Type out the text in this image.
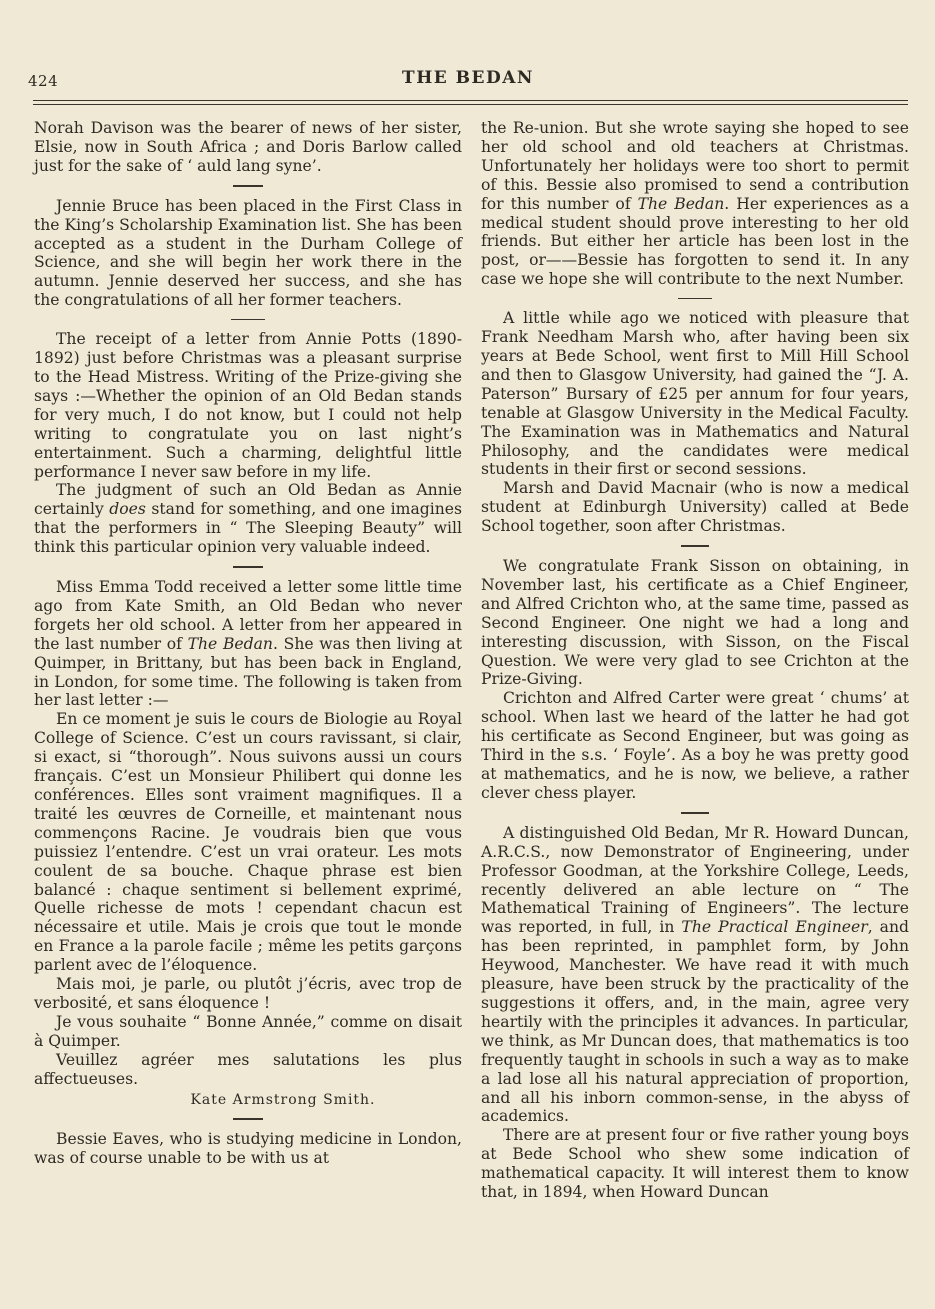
424	THE BEDAN

Norah Davison was the bearer of news of her sister, Elsie, now in South Africa ; and Doris Barlow called just for the sake of ‘ auld lang syne’.

Jennie Bruce has been placed in the First Class in the King’s Scholarship Examination list. She has been accepted as a student in the Durham College of Science, and she will begin her work there in the autumn. Jennie deserved her success, and she has the congratulations of all her former teachers.

The receipt of a letter from Annie Potts (1890-1892) just before Christmas was a pleasant surprise to the Head Mistress. Writing of the Prize-giving she says :—Whether the opinion of an Old Bedan stands for very much, I do not know, but I could not help writing to congratulate you on last night’s entertainment. Such a charming, delightful little performance I never saw before in my life.

The judgment of such an Old Bedan as Annie certainly does stand for something, and one imagines that the performers in “ The Sleeping Beauty” will think this particular opinion very valuable indeed.

Miss Emma Todd received a letter some little time ago from Kate Smith, an Old Bedan who never forgets her old school. A letter from her appeared in the last number of The Bedan. She was then living at Quimper, in Brittany, but has been back in England, in London, for some time. The following is taken from her last letter :—

En ce moment je suis le cours de Biologie au Royal College of Science. C’est un cours ravissant, si clair, si exact, si “thorough”. Nous suivons aussi un cours français. C’est un Monsieur Philibert qui donne les conférences. Elles sont vraiment magnifiques. Il a traité les œuvres de Corneille, et maintenant nous commençons Racine. Je voudrais bien que vous puissiez l’entendre. C’est un vrai orateur. Les mots coulent de sa bouche. Chaque phrase est bien balancé : chaque sentiment si bellement exprimé, Quelle richesse de mots ! cependant chacun est nécessaire et utile. Mais je crois que tout le monde en France a la parole facile ; même les petits garçons parlent avec de l’éloquence.

Mais moi, je parle, ou plutôt j’écris, avec trop de verbosité, et sans éloquence !

Je vous souhaite “ Bonne Année,” comme on disait à Quimper.

Veuillez agréer mes salutations les plus affectueuses.

Kate Armstrong Smith.

Bessie Eaves, who is studying medicine in London, was of course unable to be with us at

the Re-union. But she wrote saying she hoped to see her old school and old teachers at Christmas. Unfortunately her holidays were too short to permit of this. Bessie also promised to send a contribution for this number of The Bedan. Her experiences as a medical student should prove interesting to her old friends. But either her article has been lost in the post, or——Bessie has forgotten to send it. In any case we hope she will contribute to the next Number.

A little while ago we noticed with pleasure that Frank Needham Marsh who, after having been six years at Bede School, went first to Mill Hill School and then to Glasgow University, had gained the “J. A. Paterson” Bursary of £25 per annum for four years, tenable at Glasgow University in the Medical Faculty. The Examination was in Mathematics and Natural Philosophy, and the candidates were medical students in their first or second sessions.

Marsh and David Macnair (who is now a medical student at Edinburgh University) called at Bede School together, soon after Christmas.

We congratulate Frank Sisson on obtaining, in November last, his certificate as a Chief Engineer, and Alfred Crichton who, at the same time, passed as Second Engineer. One night we had a long and interesting discussion, with Sisson, on the Fiscal Question. We were very glad to see Crichton at the Prize-Giving.

Crichton and Alfred Carter were great ‘ chums’ at school. When last we heard of the latter he had got his certificate as Second Engineer, but was going as Third in the s.s. ‘ Foyle’. As a boy he was pretty good at mathematics, and he is now, we believe, a rather clever chess player.

A distinguished Old Bedan, Mr R. Howard Duncan, A.R.C.S., now Demonstrator of Engineering, under Professor Goodman, at the Yorkshire College, Leeds, recently delivered an able lecture on “ The Mathematical Training of Engineers”. The lecture was reported, in full, in The Practical Engineer, and has been reprinted, in pamphlet form, by John Heywood, Manchester. We have read it with much pleasure, have been struck by the practicality of the suggestions it offers, and, in the main, agree very heartily with the principles it advances. In particular, we think, as Mr Duncan does, that mathematics is too frequently taught in schools in such a way as to make a lad lose all his natural appreciation of proportion, and all his inborn common-sense, in the abyss of academics.

There are at present four or five rather young boys at Bede School who shew some indication of mathematical capacity. It will interest them to know that, in 1894, when Howard Duncan
